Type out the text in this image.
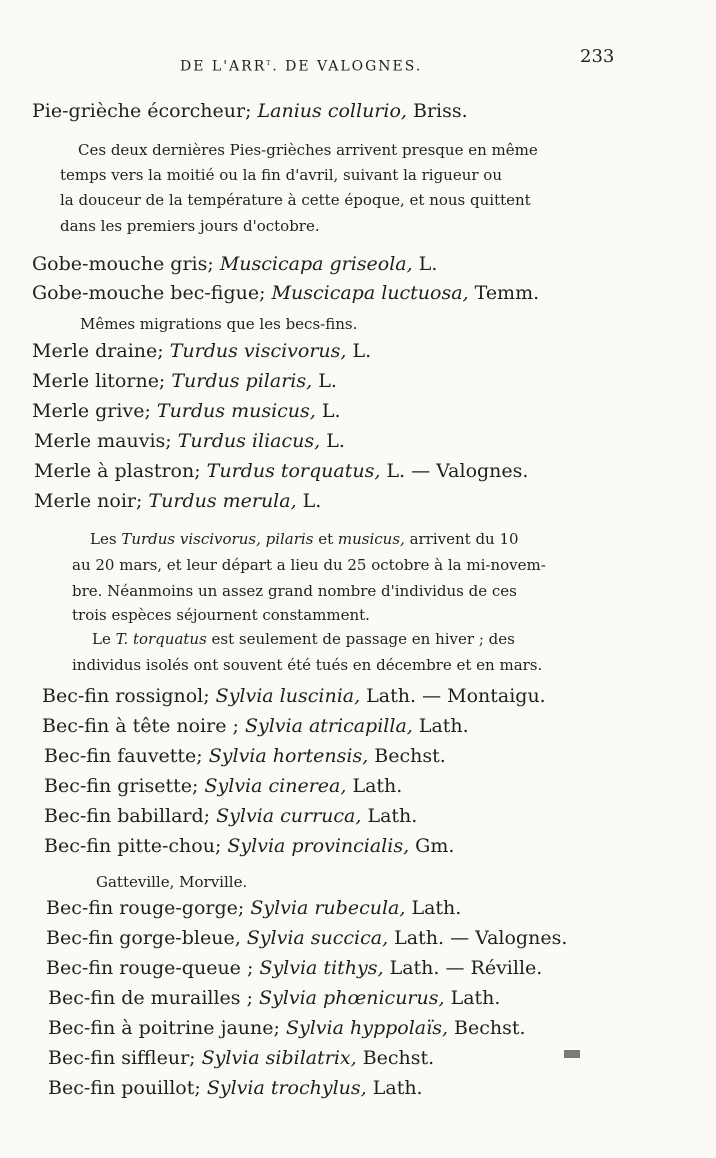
DE L'ARR$^t$. DE VALOGNES.	233
Pie-grièche écorcheur; Lanius collurio, Briss.
Ces deux dernières Pies-grièches arrivent presque en même
temps vers la moitié ou la fin d'avril, suivant la rigueur ou
la douceur de la température à cette époque, et nous quittent
dans les premiers jours d'octobre.
Gobe-mouche gris; Muscicapa griseola, L.
Gobe-mouche bec-figue; Muscicapa luctuosa, Temm.
Mêmes migrations que les becs-fins.
Merle draine; Turdus viscivorus, L.
Merle litorne; Turdus pilaris, L.
Merle grive; Turdus musicus, L.
Merle mauvis; Turdus iliacus, L.
Merle à plastron; Turdus torquatus, L. — Valognes.
Merle noir; Turdus merula, L.
Les Turdus viscivorus, pilaris et musicus, arrivent du 10
au 20 mars, et leur départ a lieu du 25 octobre à la mi-novem-
bre. Néanmoins un assez grand nombre d'individus de ces
trois espèces séjournent constamment.
Le T. torquatus est seulement de passage en hiver ; des
individus isolés ont souvent été tués en décembre et en mars.
Bec-fin rossignol; Sylvia luscinia, Lath. — Montaigu.
Bec-fin à tête noire ; Sylvia atricapilla, Lath.
Bec-fin fauvette; Sylvia hortensis, Bechst.
Bec-fin grisette; Sylvia cinerea, Lath.
Bec-fin babillard; Sylvia curruca, Lath.
Bec-fin pitte-chou; Sylvia provincialis, Gm.
Gatteville, Morville.
Bec-fin rouge-gorge; Sylvia rubecula, Lath.
Bec-fin gorge-bleue, Sylvia succica, Lath. — Valognes.
Bec-fin rouge-queue ; Sylvia tithys, Lath. — Réville.
Bec-fin de murailles ; Sylvia phœnicurus, Lath.
Bec-fin à poitrine jaune; Sylvia hyppolaïs, Bechst.
Bec-fin siffleur; Sylvia sibilatrix, Bechst.
Bec-fin pouillot; Sylvia trochylus, Lath.
